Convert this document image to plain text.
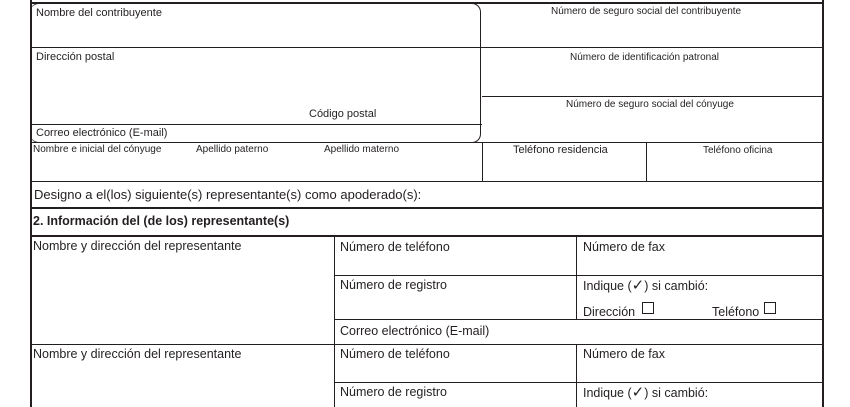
Nombre del contribuyente	Número de seguro social del contribuyente
Dirección postal	Número de identificación patronal
Código postal
Número de seguro social del cónyuge
Correo electrónico (E-mail)
Nombre e inicial del cónyuge	Apellido paterno	Apellido materno	Teléfono residencia	Teléfono oficina
Designo a el(los) siguiente(s) representante(s) como apoderado(s):
2. Información del (de los) representante(s)
Nombre y dirección del representante	Número de teléfono	Número de fax
Número de registro	Indique (✓) si cambió:
Dirección	Teléfono
Correo electrónico (E-mail)
Nombre y dirección del representante	Número de teléfono	Número de fax
Número de registro	Indique (✓) si cambió:
